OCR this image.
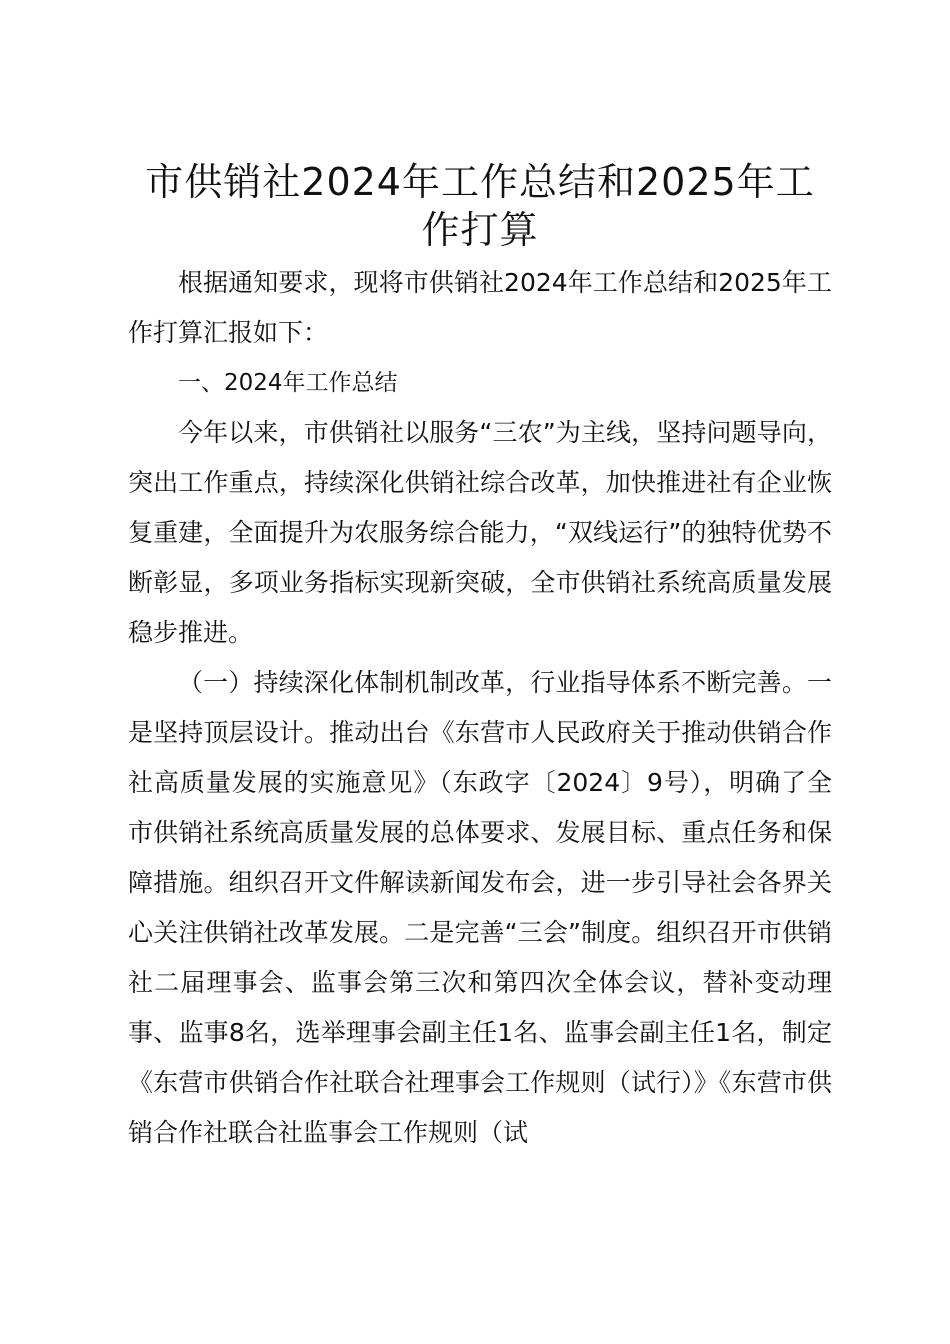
市供销社2024年工作总结和2025年工作打算

根据通知要求，现将市供销社2024年工作总结和2025年工作打算汇报如下：

一、2024年工作总结

今年以来，市供销社以服务“三农”为主线，坚持问题导向，突出工作重点，持续深化供销社综合改革，加快推进社有企业恢复重建，全面提升为农服务综合能力，“双线运行”的独特优势不断彰显，多项业务指标实现新突破，全市供销社系统高质量发展稳步推进。

（一）持续深化体制机制改革，行业指导体系不断完善。一是坚持顶层设计。推动出台《东营市人民政府关于推动供销合作社高质量发展的实施意见》（东政字〔2024〕9号），明确了全市供销社系统高质量发展的总体要求、发展目标、重点任务和保障措施。组织召开文件解读新闻发布会，进一步引导社会各界关心关注供销社改革发展。二是完善“三会”制度。组织召开市供销社二届理事会、监事会第三次和第四次全体会议，替补变动理事、监事8名，选举理事会副主任1名、监事会副主任1名，制定《东营市供销合作社联合社理事会工作规则（试行）》《东营市供销合作社联合社监事会工作规则（试
